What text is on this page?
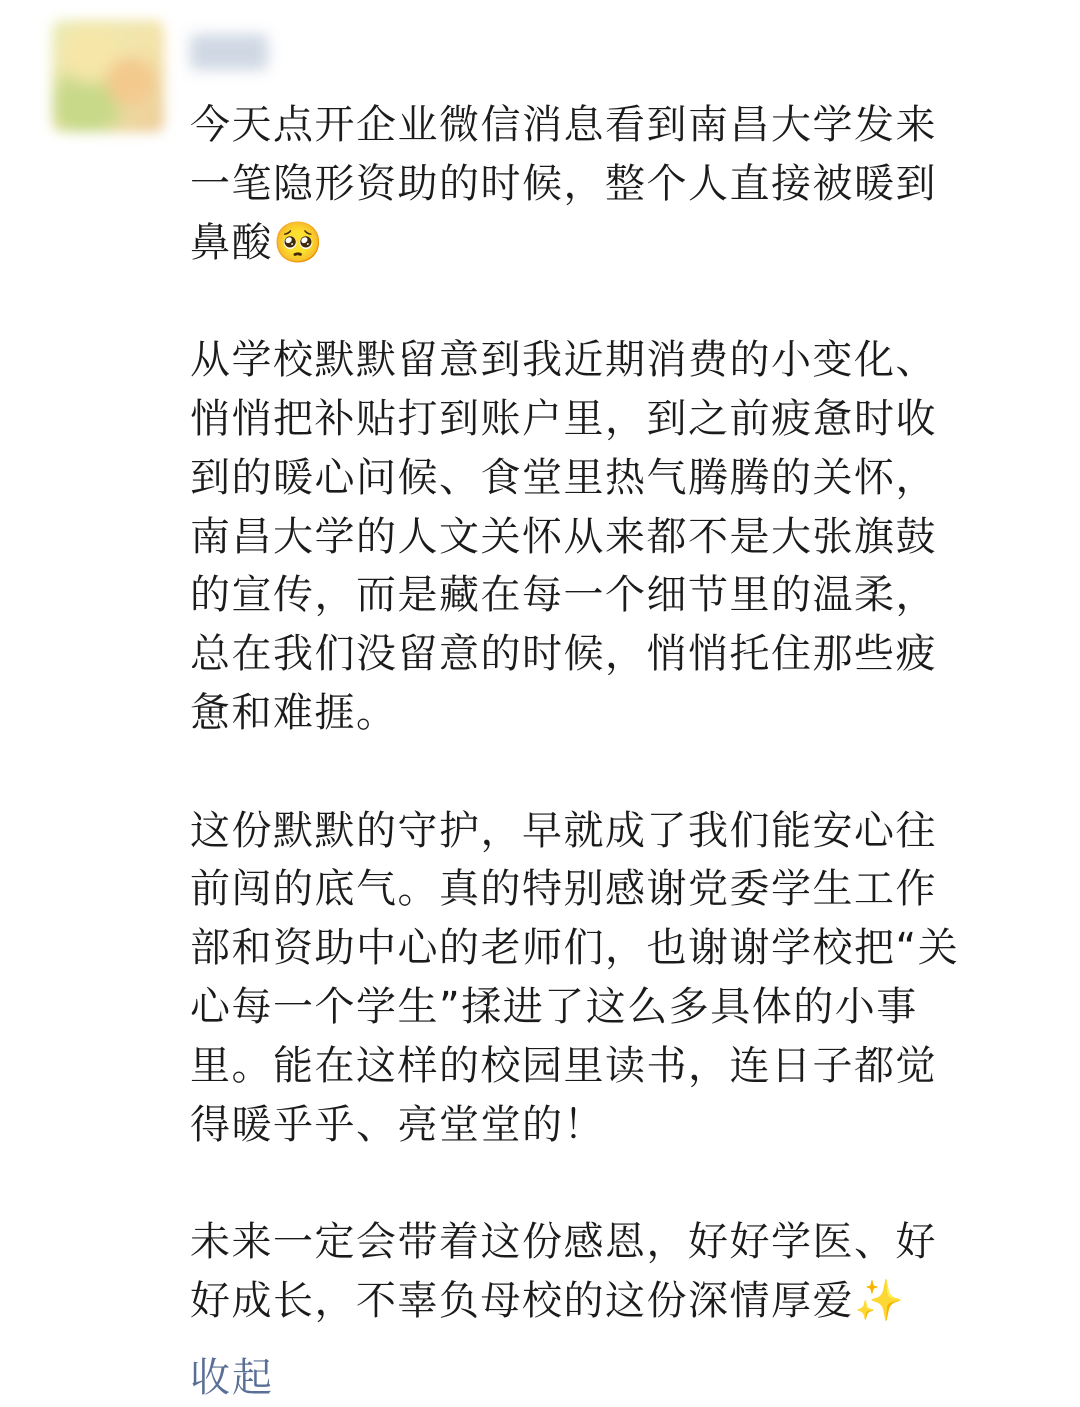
今天点开企业微信消息看到南昌大学发来
一笔隐形资助的时候，整个人直接被暖到
鼻酸🥺

从学校默默留意到我近期消费的小变化、
悄悄把补贴打到账户里，到之前疲惫时收
到的暖心问候、食堂里热气腾腾的关怀，
南昌大学的人文关怀从来都不是大张旗鼓
的宣传，而是藏在每一个细节里的温柔，
总在我们没留意的时候，悄悄托住那些疲
惫和难捱。

这份默默的守护，早就成了我们能安心往
前闯的底气。真的特别感谢党委学生工作
部和资助中心的老师们，也谢谢学校把“关
心每一个学生”揉进了这么多具体的小事
里。能在这样的校园里读书，连日子都觉
得暖乎乎、亮堂堂的！

未来一定会带着这份感恩，好好学医、好
好成长，不辜负母校的这份深情厚爱✨

收起
